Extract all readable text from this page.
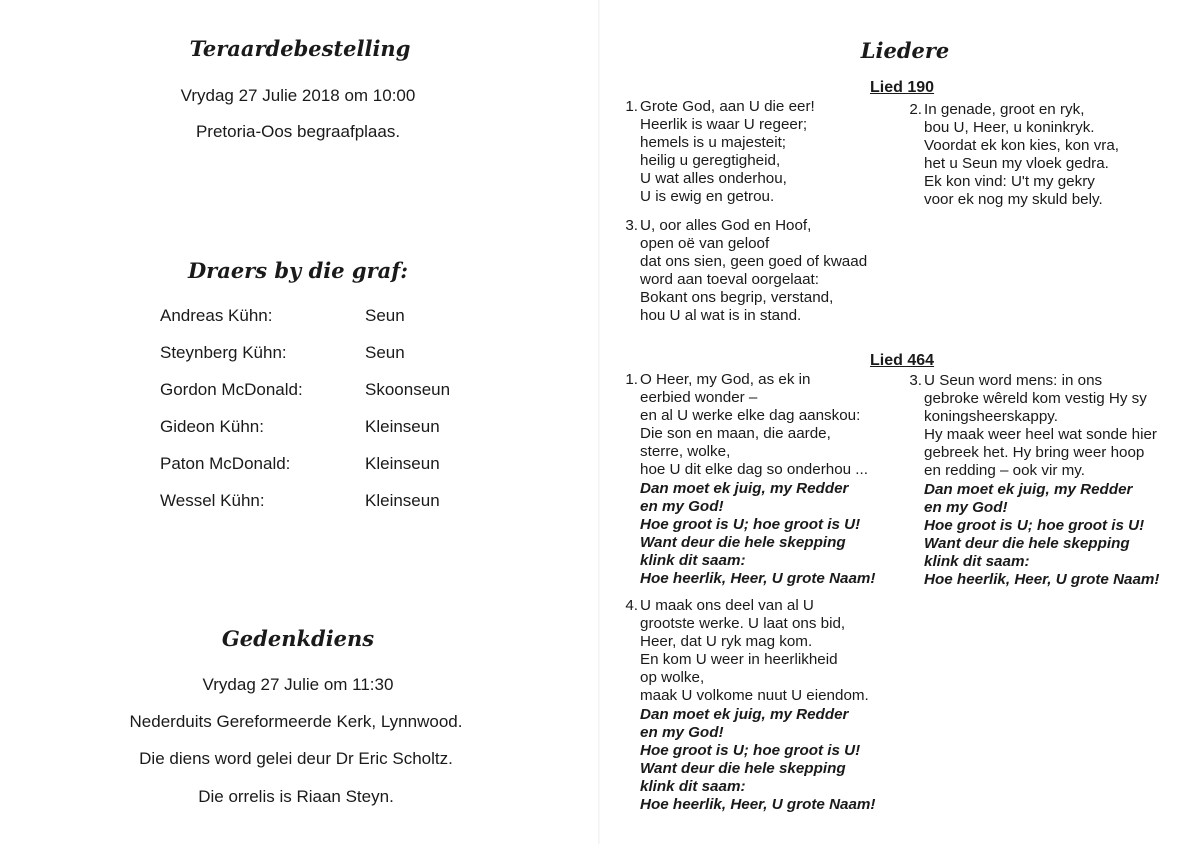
Teraardebestelling

Vrydag 27 Julie 2018 om 10:00

Pretoria-Oos begraafplaas.

Draers by die graf:

Andreas Kühn:	Seun

Steynberg Kühn:	Seun

Gordon McDonald:	Skoonseun

Gideon Kühn:	Kleinseun

Paton McDonald:	Kleinseun

Wessel Kühn:	Kleinseun

Gedenkdiens

Vrydag 27 Julie om 11:30

Nederduits Gereformeerde Kerk, Lynnwood.

Die diens word gelei deur Dr Eric Scholtz.

Die orrelis is Riaan Steyn.

Liedere

Lied 190

1. Grote God, aan U die eer!
Heerlik is waar U regeer;
hemels is u majesteit;
heilig u geregtigheid,
U wat alles onderhou,
U is ewig en getrou.
2. In genade, groot en ryk,
bou U, Heer, u koninkryk.
Voordat ek kon kies, kon vra,
het u Seun my vloek gedra.
Ek kon vind: U't my gekry
voor ek nog my skuld bely.
3. U, oor alles God en Hoof,
open oë van geloof
dat ons sien, geen goed of kwaad
word aan toeval oorgelaat:
Bokant ons begrip, verstand,
hou U al wat is in stand.

Lied 464

1. O Heer, my God, as ek in
eerbied wonder –
en al U werke elke dag aanskou:
Die son en maan, die aarde,
sterre, wolke,
hoe U dit elke dag so onderhou ...
Dan moet ek juig, my Redder
en my God!
Hoe groot is U; hoe groot is U!
Want deur die hele skepping
klink dit saam:
Hoe heerlik, Heer, U grote Naam!
3. U Seun word mens: in ons
gebroke wêreld kom vestig Hy sy
koningsheerskappy.
Hy maak weer heel wat sonde hier
gebreek het. Hy bring weer hoop
en redding – ook vir my.
Dan moet ek juig, my Redder
en my God!
Hoe groot is U; hoe groot is U!
Want deur die hele skepping
klink dit saam:
Hoe heerlik, Heer, U grote Naam!
4. U maak ons deel van al U
grootste werke. U laat ons bid,
Heer, dat U ryk mag kom.
En kom U weer in heerlikheid
op wolke,
maak U volkome nuut U eiendom.
Dan moet ek juig, my Redder
en my God!
Hoe groot is U; hoe groot is U!
Want deur die hele skepping
klink dit saam:
Hoe heerlik, Heer, U grote Naam!
